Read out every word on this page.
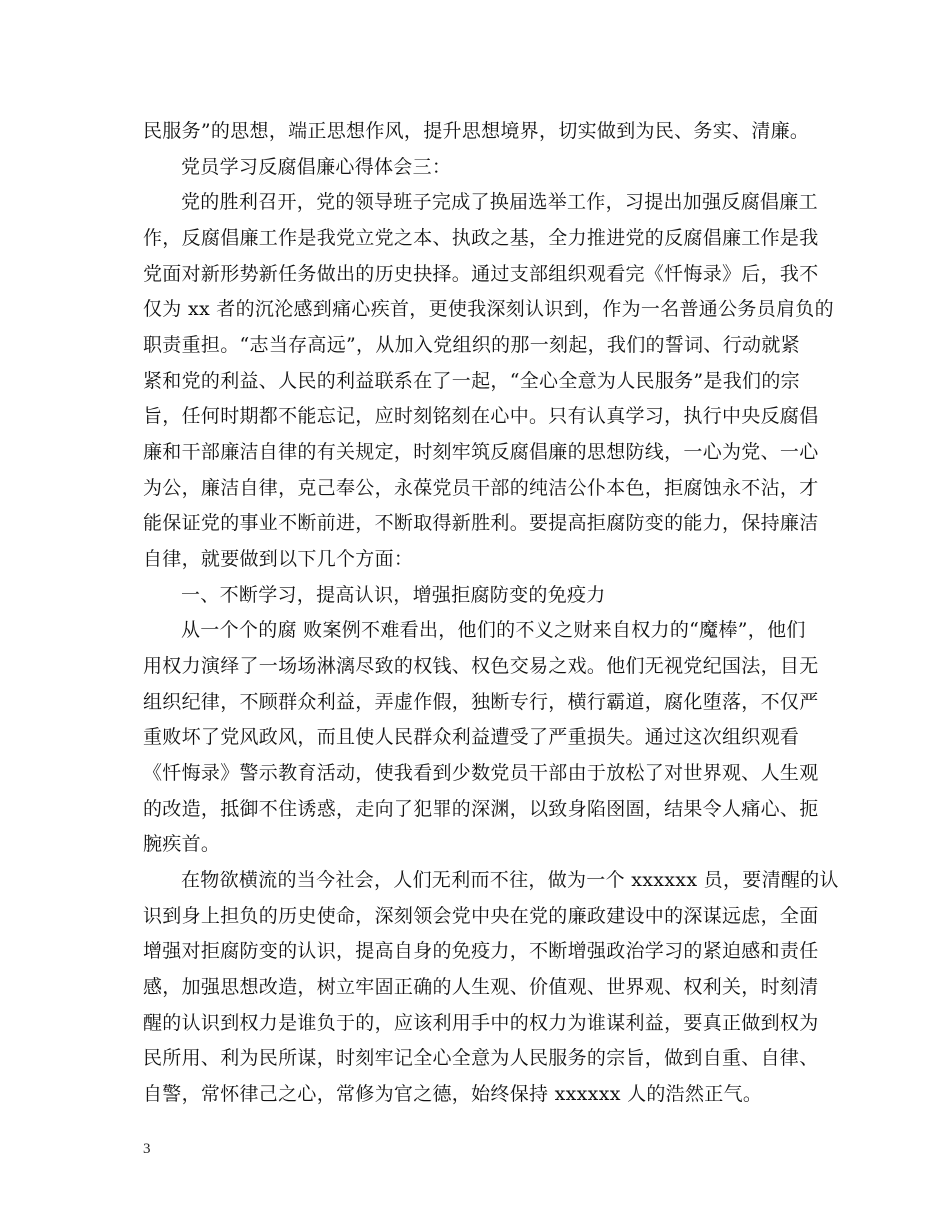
民服务”的思想，端正思想作风，提升思想境界，切实做到为民、务实、清廉。
党员学习反腐倡廉心得体会三：
党的胜利召开，党的领导班子完成了换届选举工作，习提出加强反腐倡廉工
作，反腐倡廉工作是我党立党之本、执政之基，全力推进党的反腐倡廉工作是我
党面对新形势新任务做出的历史抉择。通过支部组织观看完《忏悔录》后，我不
仅为 xx 者的沉沦感到痛心疾首，更使我深刻认识到，作为一名普通公务员肩负的
职责重担。“志当存高远”，从加入党组织的那一刻起，我们的誓词、行动就紧
紧和党的利益、人民的利益联系在了一起，“全心全意为人民服务”是我们的宗
旨，任何时期都不能忘记，应时刻铭刻在心中。只有认真学习，执行中央反腐倡
廉和干部廉洁自律的有关规定，时刻牢筑反腐倡廉的思想防线，一心为党、一心
为公，廉洁自律，克己奉公，永葆党员干部的纯洁公仆本色，拒腐蚀永不沾，才
能保证党的事业不断前进，不断取得新胜利。要提高拒腐防变的能力，保持廉洁
自律，就要做到以下几个方面：
一、不断学习，提高认识，增强拒腐防变的免疫力
从一个个的腐 败案例不难看出，他们的不义之财来自权力的“魔棒”，他们
用权力演绎了一场场淋漓尽致的权钱、权色交易之戏。他们无视党纪国法，目无
组织纪律，不顾群众利益，弄虚作假，独断专行，横行霸道，腐化堕落，不仅严
重败坏了党风政风，而且使人民群众利益遭受了严重损失。通过这次组织观看
《忏悔录》警示教育活动，使我看到少数党员干部由于放松了对世界观、人生观
的改造，抵御不住诱惑，走向了犯罪的深渊，以致身陷囹圄，结果令人痛心、扼
腕疾首。
在物欲横流的当今社会，人们无利而不往，做为一个 xxxxxx 员，要清醒的认
识到身上担负的历史使命，深刻领会党中央在党的廉政建设中的深谋远虑，全面
增强对拒腐防变的认识，提高自身的免疫力，不断增强政治学习的紧迫感和责任
感，加强思想改造，树立牢固正确的人生观、价值观、世界观、权利关，时刻清
醒的认识到权力是谁负于的，应该利用手中的权力为谁谋利益，要真正做到权为
民所用、利为民所谋，时刻牢记全心全意为人民服务的宗旨，做到自重、自律、
自警，常怀律己之心，常修为官之德，始终保持 xxxxxx 人的浩然正气。
3
